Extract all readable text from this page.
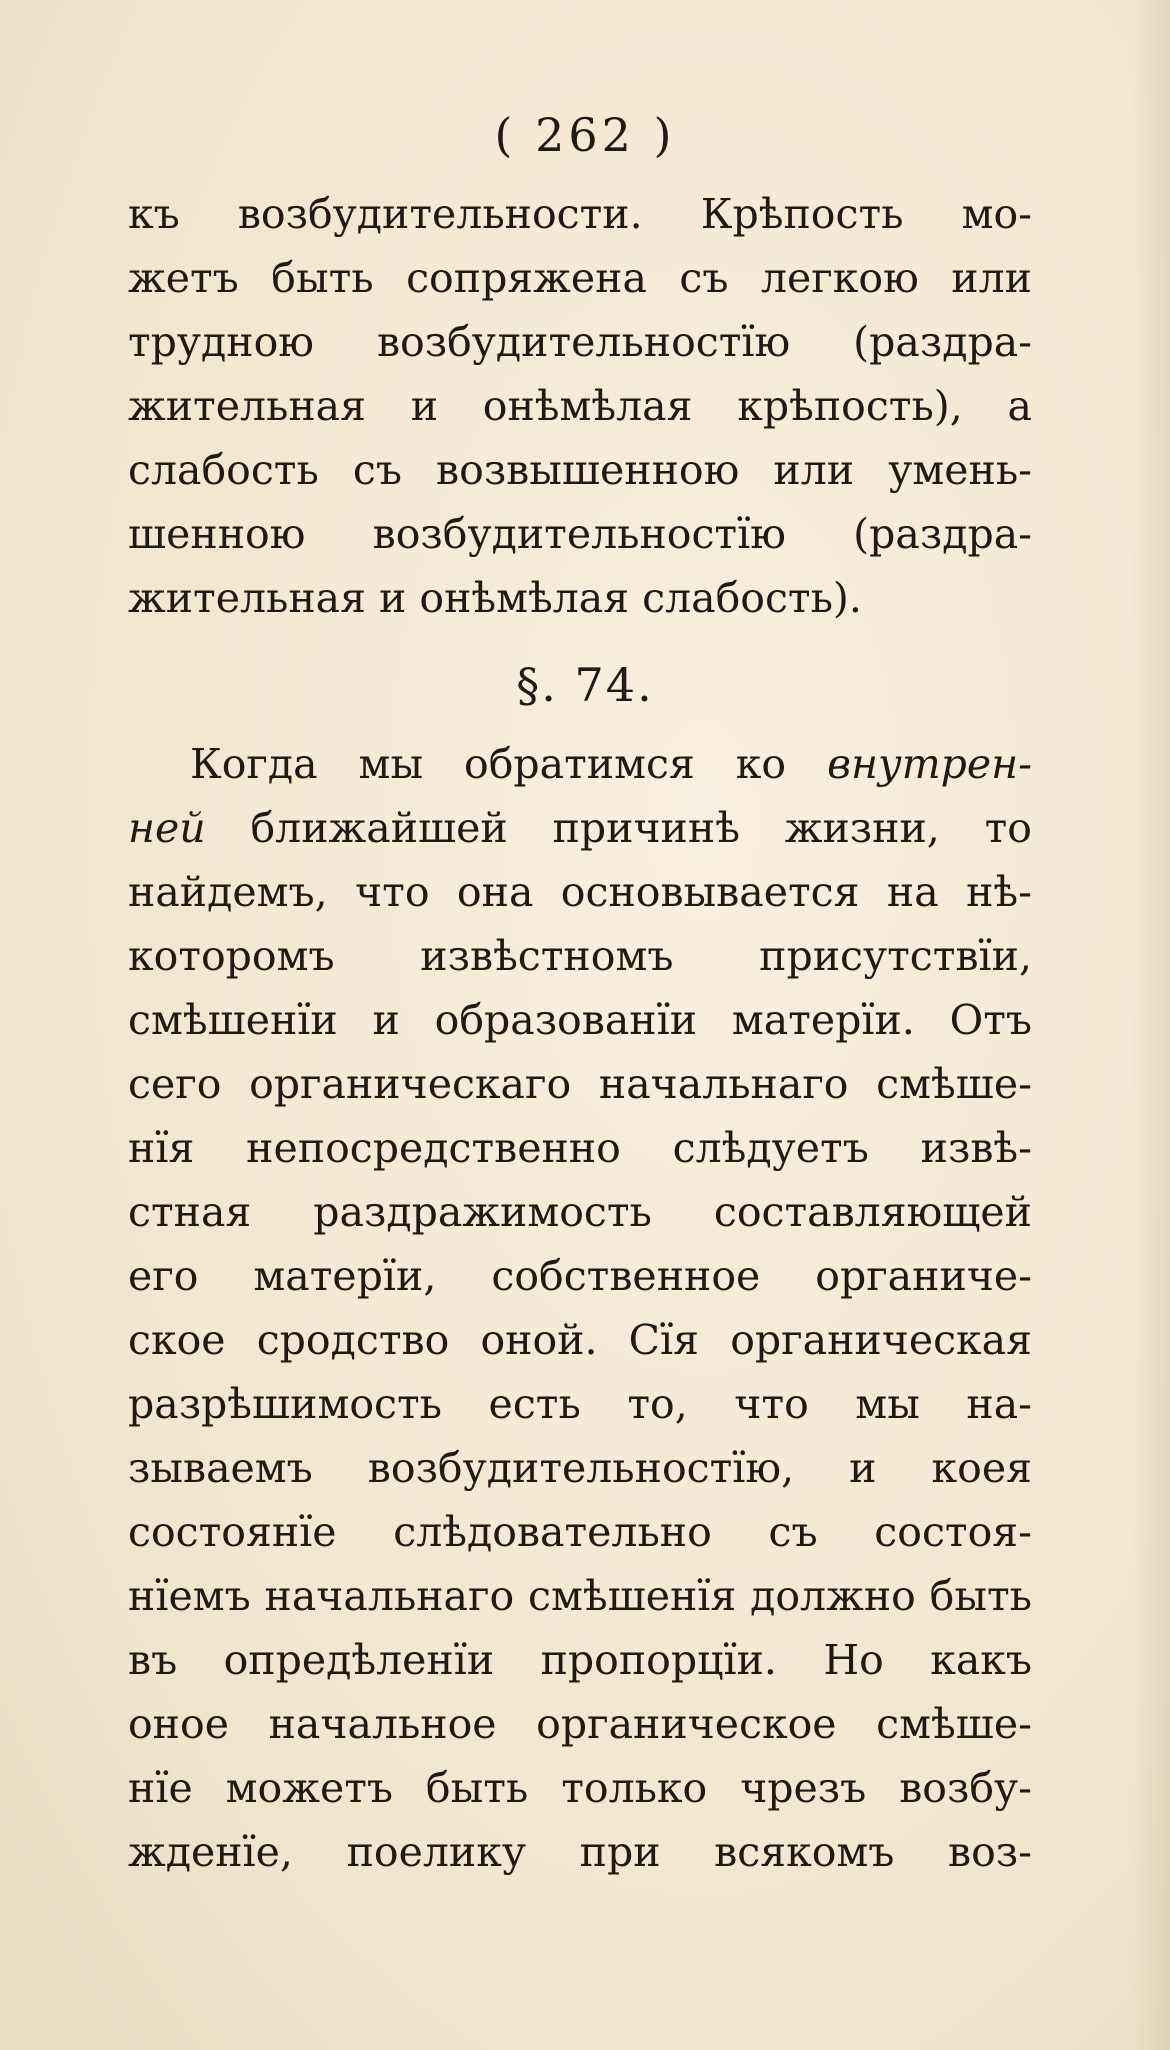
( 262 )
къ возбудительности. Крѣпость мо-
жетъ быть сопряжена съ легкою или
трудною возбудительностїю (раздра-
жительная и онѣмѣлая крѣпость), а
слабость съ возвышенною или умень-
шенною возбудительностїю (раздра-
жительная и онѣмѣлая слабость).
§. 74.
Когда мы обратимся ко внутрен-
ней ближайшей причинѣ жизни, то
найдемъ, что она основывается на нѣ-
которомъ извѣстномъ присутствїи,
смѣшенїи и образованїи матерїи. Отъ
сего органическаго начальнаго смѣше-
нїя непосредственно слѣдуетъ извѣ-
стная раздражимость составляющей
его матерїи, собственное органиче-
ское сродство оной. Сїя органическая
разрѣшимость есть то, что мы на-
зываемъ возбудительностїю, и коея
состоянїе слѣдовательно съ состоя-
нїемъ начальнаго смѣшенїя должно быть
въ опредѣленїи пропорцїи. Но какъ
оное начальное органическое смѣше-
нїе можетъ быть только чрезъ возбу-
жденїе, поелику при всякомъ воз-
